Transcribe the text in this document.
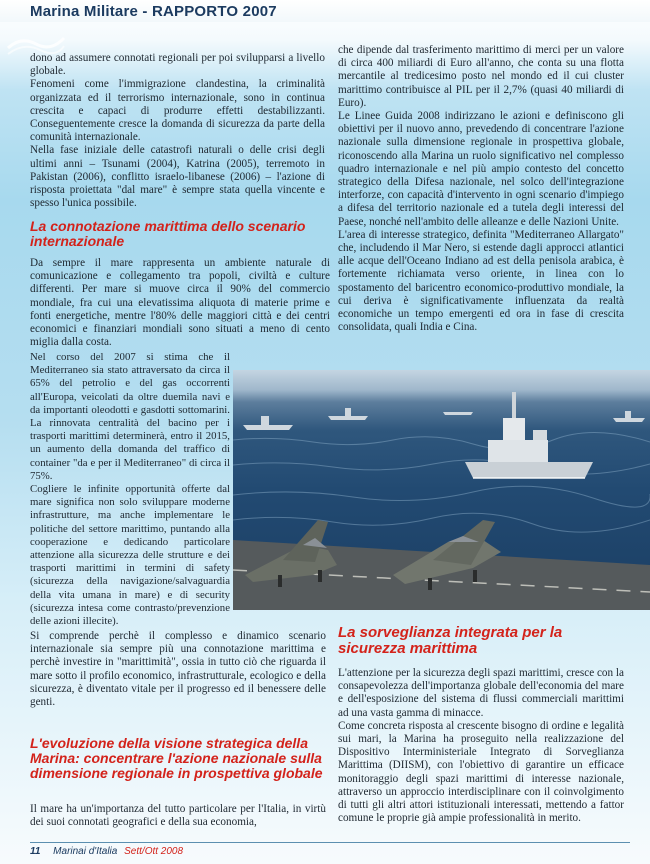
Marina Militare - RAPPORTO 2007

dono ad assumere connotati regionali per poi svilupparsi a livello globale.

Fenomeni come l'immigrazione clandestina, la criminalità organizzata ed il terrorismo internazionale, sono in continua crescita e capaci di produrre effetti destabilizzanti. Conseguentemente cresce la domanda di sicurezza da parte della comunità internazionale.

Nella fase iniziale delle catastrofi naturali o delle crisi degli ultimi anni – Tsunami (2004), Katrina (2005), terremoto in Pakistan (2006), conflitto israelo-libanese (2006) – l'azione di risposta proiettata "dal mare" è sempre stata quella vincente e spesso l'unica possibile.

La connotazione marittima dello scenario internazionale

Da sempre il mare rappresenta un ambiente naturale di comunicazione e collegamento tra popoli, civiltà e culture differenti. Per mare si muove circa il 90% del commercio mondiale, fra cui una elevatissima aliquota di materie prime e fonti energetiche, mentre l'80% delle maggiori città e dei centri economici e finanziari mondiali sono situati a meno di cento miglia dalla costa.

Nel corso del 2007 si stima che il Mediterraneo sia stato attraversato da circa il 65% del petrolio e del gas occorrenti all'Europa, veicolati da oltre duemila navi e da importanti oleodotti e gasdotti sottomarini. La rinnovata centralità del bacino per i trasporti marittimi determinerà, entro il 2015, un aumento della domanda del traffico di container "da e per il Mediterraneo" di circa il 75%.

Cogliere le infinite opportunità offerte dal mare significa non solo sviluppare moderne infrastrutture, ma anche implementare le politiche del settore marittimo, puntando alla cooperazione e dedicando particolare attenzione alla sicurezza delle strutture e dei trasporti marittimi in termini di safety (sicurezza della navigazione/salvaguardia della vita umana in mare) e di security (sicurezza intesa come contrasto/prevenzione delle azioni illecite).

Si comprende perchè il complesso e dinamico scenario internazionale sia sempre più una connotazione marittima e perchè investire in "marittimità", ossia in tutto ciò che riguarda il mare sotto il profilo economico, infrastrutturale, ecologico e della sicurezza, è diventato vitale per il progresso ed il benessere delle genti.

L'evoluzione della visione strategica della Marina: concentrare l'azione nazionale sulla dimensione regionale in prospettiva globale

Il mare ha un'importanza del tutto particolare per l'Italia, in virtù dei suoi connotati geografici e della sua economia,

che dipende dal trasferimento marittimo di merci per un valore di circa 400 miliardi di Euro all'anno, che conta su una flotta mercantile al tredicesimo posto nel mondo ed il cui cluster marittimo contribuisce al PIL per il 2,7% (quasi 40 miliardi di Euro).

Le Linee Guida 2008 indirizzano le azioni e definiscono gli obiettivi per il nuovo anno, prevedendo di concentrare l'azione nazionale sulla dimensione regionale in prospettiva globale, riconoscendo alla Marina un ruolo significativo nel complesso quadro internazionale e nel più ampio contesto del concetto strategico della Difesa nazionale, nel solco dell'integrazione interforze, con capacità d'intervento in ogni scenario d'impiego a difesa del territorio nazionale ed a tutela degli interessi del Paese, nonché nell'ambito delle alleanze e delle Nazioni Unite.

L'area di interesse strategico, definita "Mediterraneo Allargato" che, includendo il Mar Nero, si estende dagli approcci atlantici alle acque dell'Oceano Indiano ad est della penisola arabica, è fortemente richiamata verso oriente, in linea con lo spostamento del baricentro economico-produttivo mondiale, la cui deriva è significativamente influenzata da realtà economiche un tempo emergenti ed ora in fase di crescita consolidata, quali India e Cina.

La sorveglianza integrata per la sicurezza marittima

L'attenzione per la sicurezza degli spazi marittimi, cresce con la consapevolezza dell'importanza globale dell'economia del mare e dell'esposizione del sistema di flussi commerciali marittimi ad una vasta gamma di minacce.

Come concreta risposta al crescente bisogno di ordine e legalità sui mari, la Marina ha proseguito nella realizzazione del Dispositivo Interministeriale Integrato di Sorveglianza Marittima (DIISM), con l'obiettivo di garantire un efficace monitoraggio degli spazi marittimi di interesse nazionale, attraverso un approccio interdisciplinare con il coinvolgimento di tutti gli altri attori istituzionali interessati, mettendo a fattor comune le proprie già ampie professionalità in merito.

11 Marinai d'Italia Sett/Ott 2008
